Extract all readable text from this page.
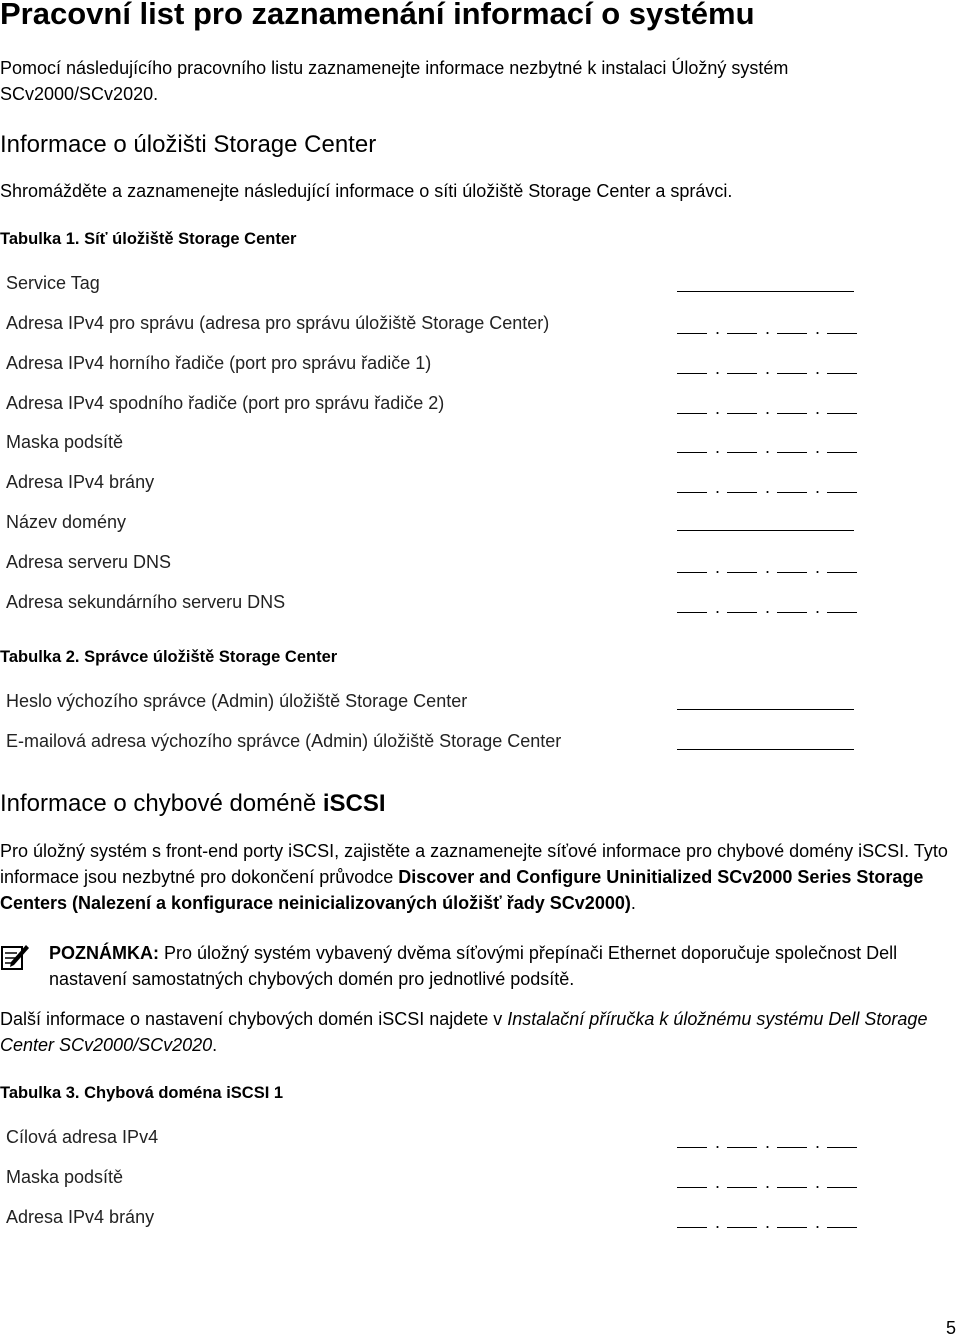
Pracovní list pro zaznamenání informací o systému
Pomocí následujícího pracovního listu zaznamenejte informace nezbytné k instalaci Úložný systém SCv2000/SCv2020.
Informace o úložišti Storage Center
Shromážděte a zaznamenejte následující informace o síti úložiště Storage Center a správci.
Tabulka 1. Síť úložiště Storage Center
Service Tag
Adresa IPv4 pro správu (adresa pro správu úložiště Storage Center)	. . .
Adresa IPv4 horního řadiče (port pro správu řadiče 1)	. . .
Adresa IPv4 spodního řadiče (port pro správu řadiče 2)	. . .
Maska podsítě	. . .
Adresa IPv4 brány	. . .
Název domény
Adresa serveru DNS	. . .
Adresa sekundárního serveru DNS	. . .
Tabulka 2. Správce úložiště Storage Center
Heslo výchozího správce (Admin) úložiště Storage Center
E-mailová adresa výchozího správce (Admin) úložiště Storage Center
Informace o chybové doméně iSCSI
Pro úložný systém s front-end porty iSCSI, zajistěte a zaznamenejte síťové informace pro chybové domény iSCSI. Tyto informace jsou nezbytné pro dokončení průvodce Discover and Configure Uninitialized SCv2000 Series Storage Centers (Nalezení a konfigurace neinicializovaných úložišť řady SCv2000).
POZNÁMKA: Pro úložný systém vybavený dvěma síťovými přepínači Ethernet doporučuje společnost Dell nastavení samostatných chybových domén pro jednotlivé podsítě.
Další informace o nastavení chybových domén iSCSI najdete v Instalační příručka k úložnému systému Dell Storage Center SCv2000/SCv2020.
Tabulka 3. Chybová doména iSCSI 1
Cílová adresa IPv4	. . .
Maska podsítě	. . .
Adresa IPv4 brány	. . .
5
